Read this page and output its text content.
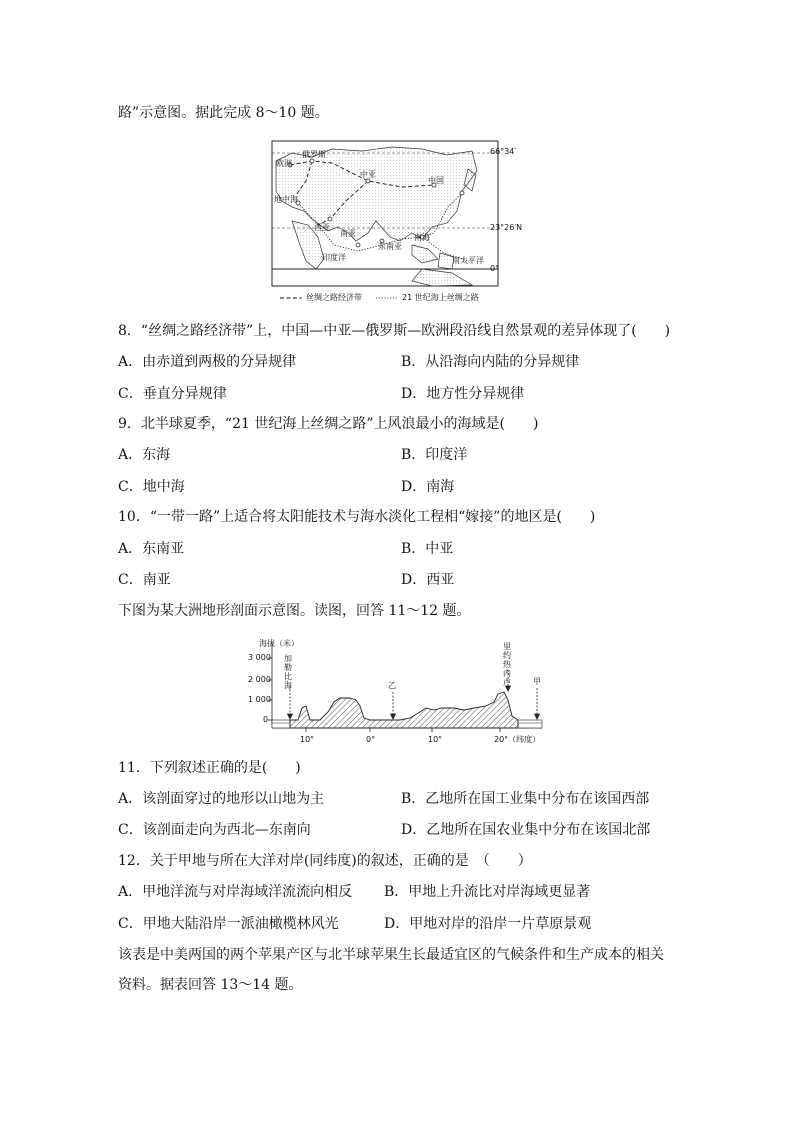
路”示意图。据此完成 8～10 题。
66°34′
23°26′N
0°
欧洲
俄罗斯
中亚
中国
地中海
西亚
南亚
东南亚
南海
印度洋	南太平洋
丝绸之路经济带	21 世纪海上丝绸之路
8．“丝绸之路经济带”上，中国—中亚—俄罗斯—欧洲段沿线自然景观的差异体现了(　　)
A．由赤道到两极的分异规律	B．从沿海向内陆的分异规律
C．垂直分异规律	D．地方性分异规律
9．北半球夏季，“21 世纪海上丝绸之路”上风浪最小的海域是(　　)
A．东海	B．印度洋
C．地中海	D．南海
10．“一带一路”上适合将太阳能技术与海水淡化工程相“嫁接”的地区是(　　)
A．东南亚	B．中亚
C．南亚	D．西亚
下图为某大洲地形剖面示意图。读图，回答 11～12 题。
海拔（米）
3 000
2 000
1 000
0
10°	0°	10°	20°（纬度）
加勒比海	乙
里约热内卢	甲
11．下列叙述正确的是(　　)
A．该剖面穿过的地形以山地为主	B．乙地所在国工业集中分布在该国西部
C．该剖面走向为西北—东南向	D．乙地所在国农业集中分布在该国北部
12．关于甲地与所在大洋对岸(同纬度)的叙述，正确的是　（　　）
A．甲地洋流与对岸海域洋流流向相反 B．甲地上升流比对岸海域更显著
C．甲地大陆沿岸一派油橄榄林风光	D．甲地对岸的沿岸一片草原景观
该表是中美两国的两个苹果产区与北半球苹果生长最适宜区的气候条件和生产成本的相关
资料。据表回答 13～14 题。
